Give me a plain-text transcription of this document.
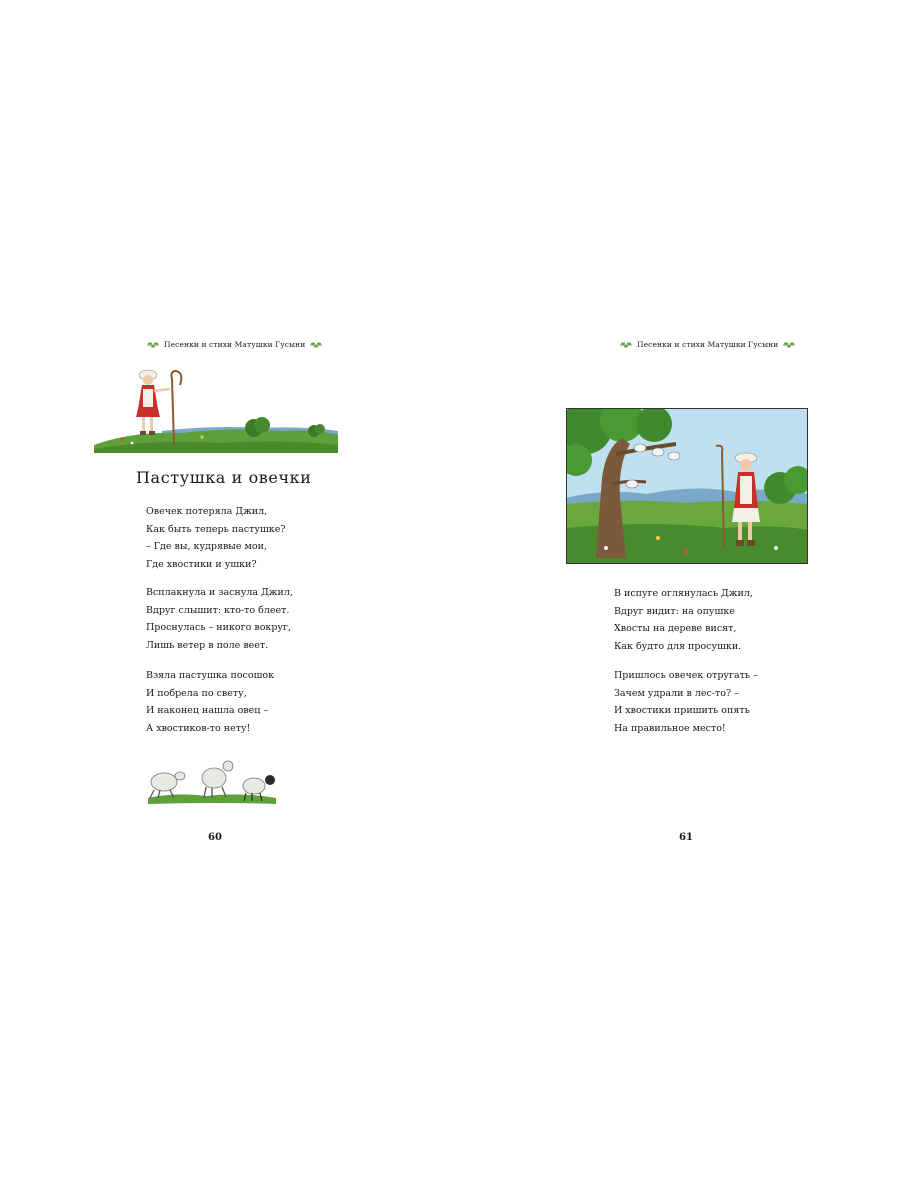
Песенки и стихи Матушки Гусыни
Пастушка и овечки
Овечек потеряла Джил,
Как быть теперь пастушке?
– Где вы, кудрявые мои,
Где хвостики и ушки?
Всплакнула и заснула Джил,
Вдруг слышит: кто-то блеет.
Проснулась – никого вокруг,
Лишь ветер в поле веет.
Взяла пастушка посошок
И побрела по свету,
И наконец нашла овец –
А хвостиков-то нету!
60
Песенки и стихи Матушки Гусыни
В испуге оглянулась Джил,
Вдруг видит: на опушке
Хвосты на дереве висят,
Как будто для просушки.
Пришлось овечек отругать –
Зачем удрали в лес-то? –
И хвостики пришить опять
На правильное место!
61
